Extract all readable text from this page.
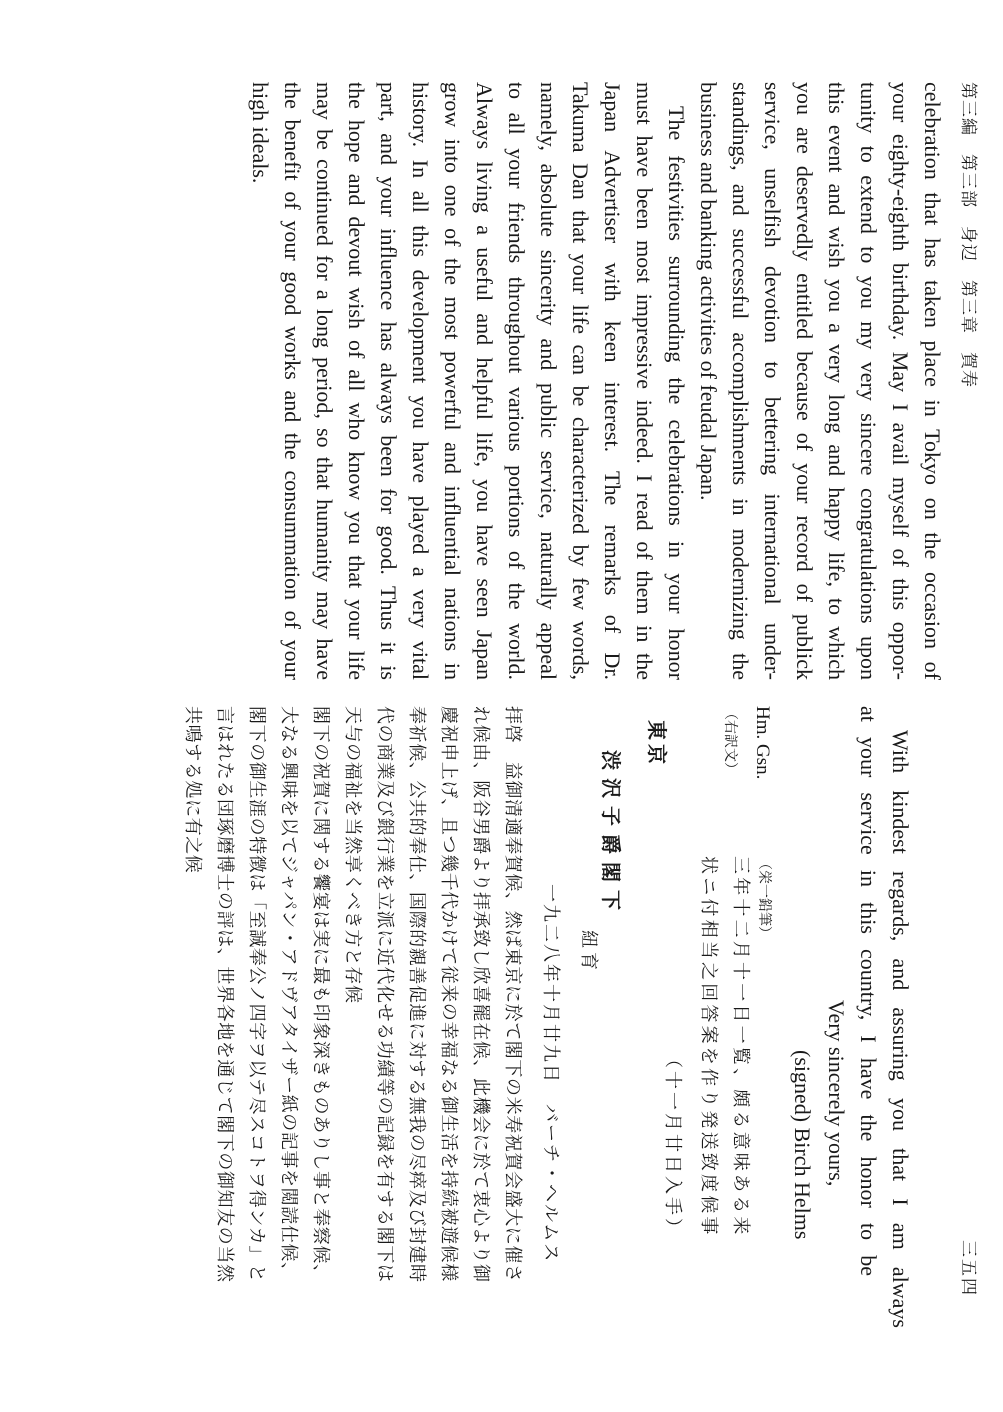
第三編　第三部　身辺　第三章　賀寿
三五四
celebration that has taken place in Tokyo on the occasion of
your eighty-eighth birthday. May I avail myself of this oppor-
tunity to extend to you my very sincere congratulations upon
this event and wish you a very long and happy life, to which
you are deservedly entitled because of your record of publick
service, unselfish devotion to bettering international under-
standings, and successful accomplishments in modernizing the
business and banking activities of feudal Japan.
The festivities surrounding the celebrations in your honor
must have been most impressive indeed. I read of them in the
Japan Advertiser with keen interest. The remarks of Dr.
Takuma Dan that your life can be characterized by few words,
namely, absolute sincerity and public service, naturally appeal
to all your friends throughout various portions of the world.
Always living a useful and helpful life, you have seen Japan
grow into one of the most powerful and influential nations in
history. In all this development you have played a very vital
part, and your influence has always been for good. Thus it is
the hope and devout wish of all who know you that your life
may be continued for a long period, so that humanity may have
the benefit of your good works and the consummation of your
high ideals.
With kindest regards, and assuring you that I am always
at your service in this country, I have the honor to be
Very sincerely yours,
(signed) Birch Helms
Hm. Gsn.
（栄一鉛筆）
三年十二月十一日一覧、頗る意味ある来
状ニ付相当之回答案を作り発送致度候事
（十一月廿日入手）
（右訳文）
東京
渋沢子爵閣下
紐育
一九二八年十月廿九日　バーチ・ヘルムス
拝啓　益御清適奉賀候、然ば東京に於て閣下の米寿祝賀会盛大に催さ
れ候由、阪谷男爵より拝承致し欣喜罷在候、此機会に於て衷心より御
慶祝申上げ、且つ幾千代かけて従来の幸福なる御生活を持続被遊候様
奉祈候、公共的奉仕、国際的親善促進に対する無我の尽瘁及び封建時
代の商業及び銀行業を立派に近代化せる功績等の記録を有する閣下は
天与の福祉を当然享くべき方と存候
閣下の祝賀に関する饗宴は実に最も印象深きものありし事と奉察候、
大なる興味を以てジャパン・アドヴアタイザー紙の記事を閲読仕候、
閣下の御生涯の特徴は「至誠奉公ノ四字ヲ以テ尽スコトヲ得ンカ」と
言はれたる団琢磨博士の評は、世界各地を通じて閣下の御知友の当然
共鳴する処に有之候
